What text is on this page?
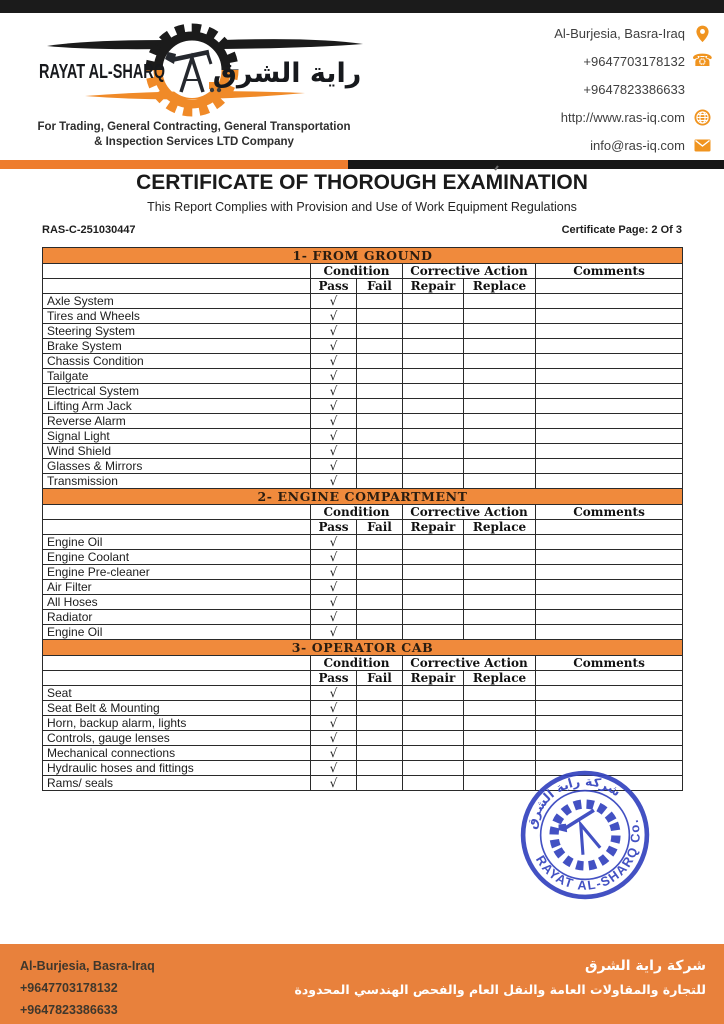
RAYAT AL-SHARQ راية الشرق
For Trading, General Contracting, General Transportation
& Inspection Services LTD Company
Al-Burjesia, Basra-Iraq
+9647703178132 ☎
+9647823386633
http://www.ras-iq.com
info@ras-iq.com
CERTIFICATE OF THOROUGH EXAMINATION
This Report Complies with Provision and Use of Work Equipment Regulations
RAS-C-251030447	Certificate Page: 2 Of 3
1- FROM GROUND					
	Condition		Corrective Action		Comments
	Pass	Fail	Repair	Replace	
Axle System	√				
Tires and Wheels	√				
Steering System	√				
Brake System	√				
Chassis Condition	√				
Tailgate	√				
Electrical System	√				
Lifting Arm Jack	√				
Reverse Alarm	√				
Signal Light	√				
Wind Shield	√				
Glasses & Mirrors	√				
Transmission	√				
2- ENGINE COMPARTMENT					
	Condition		Corrective Action		Comments
	Pass	Fail	Repair	Replace	
Engine Oil	√				
Engine Coolant	√				
Engine Pre-cleaner	√				
Air Filter	√				
All Hoses	√				
Radiator	√				
Engine Oil	√				
3- OPERATOR CAB					
	Condition		Corrective Action		Comments
	Pass	Fail	Repair	Replace	
Seat	√				
Seat Belt & Mounting	√				
Horn, backup alarm, lights	√				
Controls, gauge lenses	√				
Mechanical connections	√				
Hydraulic hoses and fittings	√				
Rams/ seals	√				
شركة راية الشرق
RAYAT AL-SHARQ Co.
Al-Burjesia, Basra-Iraq
+9647703178132
+9647823386633
شركة راية الشرق
للتجارة والمقاولات العامة والنقل العام والفحص الهندسي المحدودة
